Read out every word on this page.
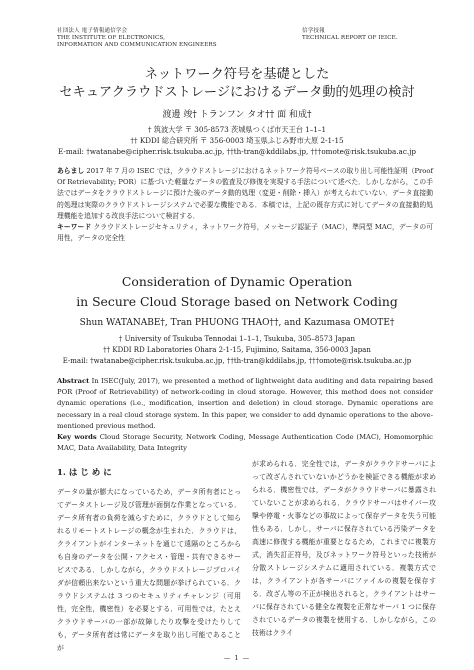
社団法人 電子情報通信学会
THE INSTITUTE OF ELECTRONICS,
INFORMATION AND COMMUNICATION ENGINEERS
信学技報
TECHNICAL REPORT OF IEICE.
ネットワーク符号を基礎とした
セキュアクラウドストレージにおけるデータ動的処理の検討
渡邊 竣† トランフン タオ†† 面 和成†
† 筑波大学 〒 305-8573 茨城県つくば市天王台 1–1–1
†† KDDI 総合研究所 〒 356-0003 埼玉県ふじみ野市大原 2-1-15
E-mail: †watanabe@cipher.risk.tsukuba.ac.jp, ††th-tran@kddilabs.jp, †††omote@risk.tsukuba.ac.jp
あらまし 2017 年 7 月の ISEC では，クラウドストレージにおけるネットワーク符号ベースの取り出し可能性証明（Proof Of Retrievability; POR）に基づいた軽量なデータの監査及び修復を実現する手法について述べた．しかしながら，この手法ではデータをクラウドストレージに預けた後のデータ動的処理（変更・削除・挿入）が考えられていない．データ直接動的処理は実際のクラウドストレージシステムで必要な機能である．本稿では，上記の既存方式に対してデータの直接動的処理機能を追加する改良手法について検討する．
キーワード クラウドストレージセキュリティ，ネットワーク符号，メッセージ認証子（MAC），準同型 MAC，データの可用性，データの完全性
Consideration of Dynamic Operation
in Secure Cloud Storage based on Network Coding
Shun WATANABE†, Tran PHUONG THAO††, and Kazumasa OMOTE†
† University of Tsukuba Tennodai 1–1–1, Tsukuba, 305–8573 Japan
†† KDDI RD Laboratories Ohara 2-1-15, Fujimino, Saitama, 356-0003 Japan
E-mail: †watanabe@cipher.risk.tsukuba.ac.jp, ††th-tran@kddilabs.jp, †††omote@risk.tsukuba.ac.jp
Abstract In ISEC(July, 2017), we presented a method of lightweight data auditing and data repairing based POR (Proof of Retrievability) of network-coding in cloud storage. However, this method does not consider dynamic operations (i.e., modification, insertion and deletion) in cloud storage. Dynamic operations are necessary in a real cloud storage system. In this paper, we consider to add dynamic operations to the above-mentioned previous method.
Key words Cloud Storage Security, Network Coding, Message Authentication Code (MAC), Homomorphic MAC, Data Availability, Data Integrity
1. は じ め に
データの量が膨大になっているため，データ所有者にとってデータストレージ及び管理が面倒な作業となっている．データ所有者の負荷を減らすために，クラウドとして知られるリモートストレージの概念が生まれた．クラウドは，クライアントがインターネットを通じて遠隔のところからも自身のデータを公開・アクセス・管理・共有できるサービスである．しかしながら，クラウドストレージプロバイダが信頼出来ないという重大な問題が挙げられている．クラウドシステムは 3 つのセキュリティチャレンジ（可用性，完全性，機密性）を必要とする．可用性では，たとえクラウドサーバの一部が故障したり攻撃を受けたりしても，データ所有者は常にデータを取り出し可能であることが
が求められる．完全性では，データがクラウドサーバによって改ざんされていないかどうかを検証できる機能が求められる．機密性では，データがクラウドサーバに暴露されていないことが求められる．クラウドサーバはサイバー攻撃や停電・火事などの事故によって保存データを失う可能性もある．しかし，サーバに保存されている汚染データを高速に修復する機能が重要となるため，これまでに複製方式，消失訂正符号，及びネットワーク符号といった技術が分散ストレージシステムに適用されている．複製方式では，クライアントが各サーバにファイルの複製を保存する．改ざん等の不正が検出されると，クライアントはサーバに保存されている健全な複製を正常なサーバ 1 つに保存されているデータの複製を使用する．しかしながら，この技術はクライ
— 1 —
